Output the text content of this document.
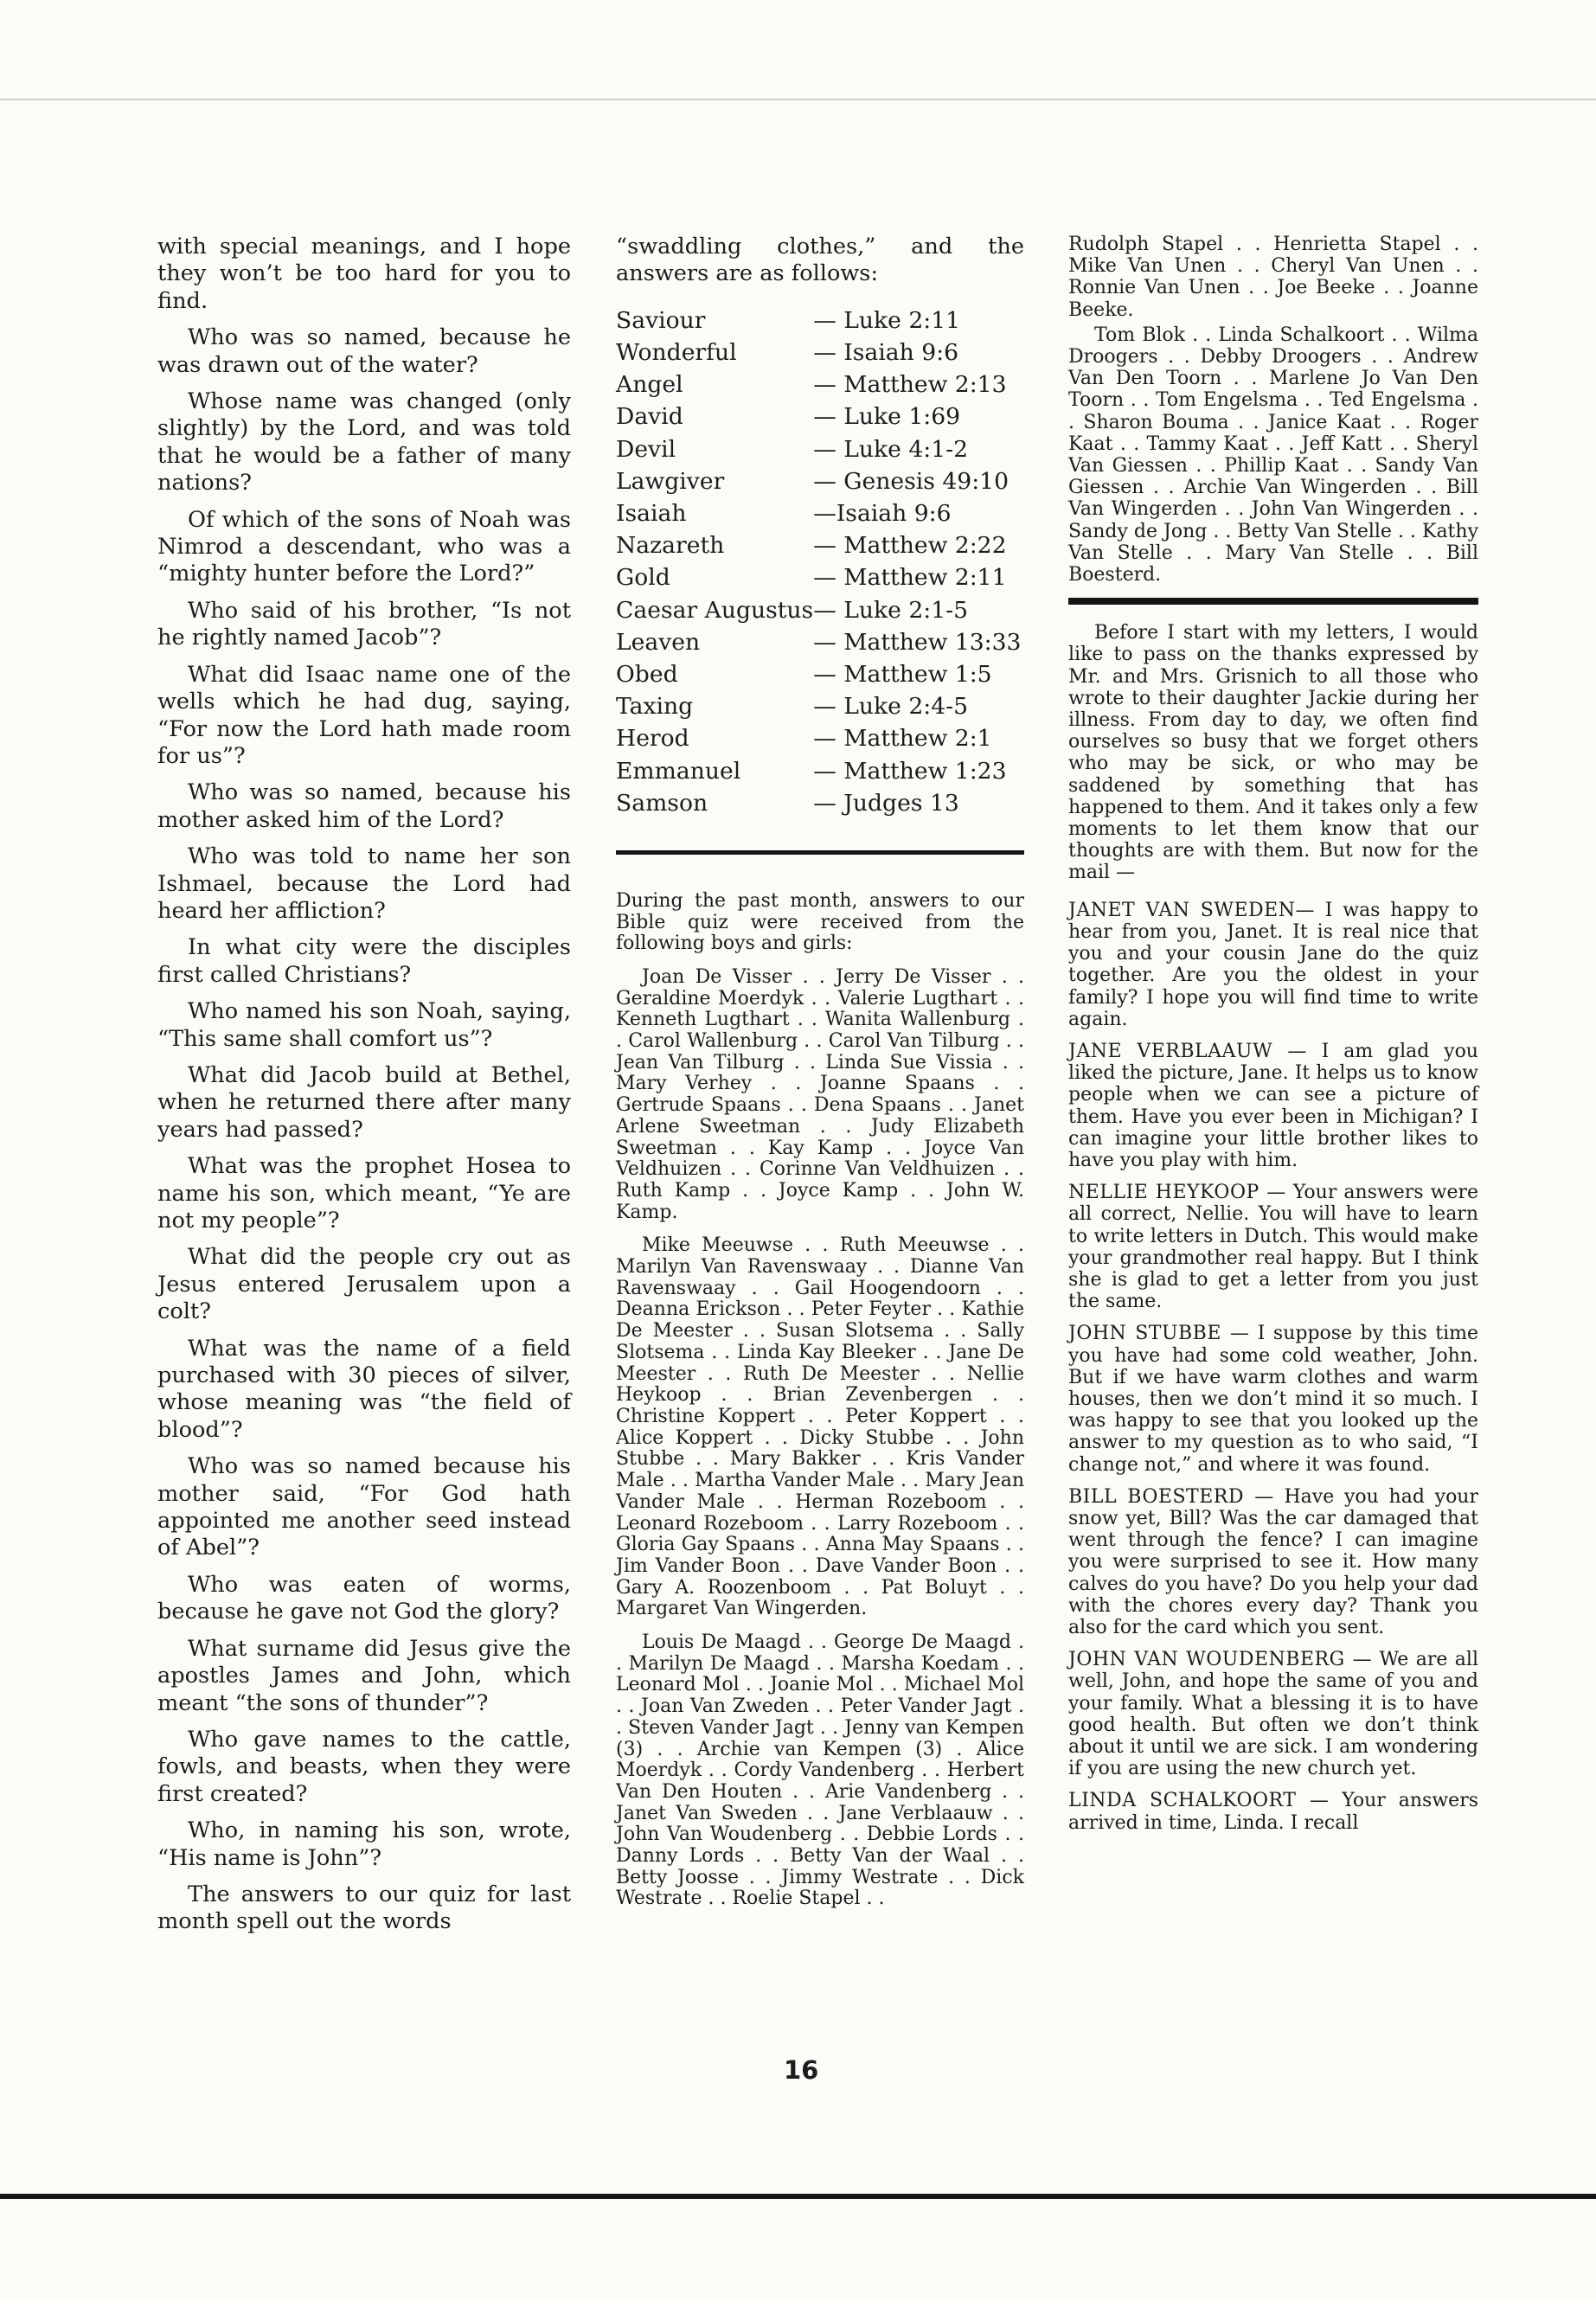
with special meanings, and I hope they won’t be too hard for you to find.

Who was so named, because he was drawn out of the water?

Whose name was changed (only slightly) by the Lord, and was told that he would be a father of many nations?

Of which of the sons of Noah was Nimrod a descendant, who was a “mighty hunter before the Lord?”

Who said of his brother, “Is not he rightly named Jacob”?

What did Isaac name one of the wells which he had dug, saying, “For now the Lord hath made room for us”?

Who was so named, because his mother asked him of the Lord?

Who was told to name her son Ishmael, because the Lord had heard her affliction?

In what city were the disciples first called Christians?

Who named his son Noah, saying, “This same shall comfort us”?

What did Jacob build at Bethel, when he returned there after many years had passed?

What was the prophet Hosea to name his son, which meant, “Ye are not my people”?

What did the people cry out as Jesus entered Jerusalem upon a colt?

What was the name of a field purchased with 30 pieces of silver, whose meaning was “the field of blood”?

Who was so named because his mother said, “For God hath appointed me another seed instead of Abel”?

Who was eaten of worms, because he gave not God the glory?

What surname did Jesus give the apostles James and John, which meant “the sons of thunder”?

Who gave names to the cattle, fowls, and beasts, when they were first created?

Who, in naming his son, wrote, “His name is John”?

The answers to our quiz for last month spell out the words

“swaddling clothes,” and the answers are as follows:

Saviour	— Luke 2:11
Wonderful	— Isaiah 9:6
Angel	— Matthew 2:13
David	— Luke 1:69
Devil	— Luke 4:1-2
Lawgiver	— Genesis 49:10
Isaiah	—Isaiah 9:6
Nazareth	— Matthew 2:22
Gold	— Matthew 2:11
Caesar Augustus	— Luke 2:1-5
Leaven	— Matthew 13:33
Obed	— Matthew 1:5
Taxing	— Luke 2:4-5
Herod	— Matthew 2:1
Emmanuel	— Matthew 1:23
Samson	— Judges 13

During the past month, answers to our Bible quiz were received from the following boys and girls:

Joan De Visser . . Jerry De Visser . . Geraldine Moerdyk . . Valerie Lugthart . . Kenneth Lugthart . . Wanita Wallenburg . . Carol Wallenburg . . Carol Van Tilburg . . Jean Van Tilburg . . Linda Sue Vissia . . Mary Verhey . . Joanne Spaans . . Gertrude Spaans . . Dena Spaans . . Janet Arlene Sweetman . . Judy Elizabeth Sweetman . . Kay Kamp . . Joyce Van Veldhuizen . . Corinne Van Veldhuizen . . Ruth Kamp . . Joyce Kamp . . John W. Kamp.

Mike Meeuwse . . Ruth Meeuwse . . Marilyn Van Ravenswaay . . Dianne Van Ravenswaay . . Gail Hoogendoorn . . Deanna Erickson . . Peter Feyter . . Kathie De Meester . . Susan Slotsema . . Sally Slotsema . . Linda Kay Bleeker . . Jane De Meester . . Ruth De Meester . . Nellie Heykoop . . Brian Zevenbergen . . Christine Koppert . . Peter Koppert . . Alice Koppert . . Dicky Stubbe . . John Stubbe . . Mary Bakker . . Kris Vander Male . . Martha Vander Male . . Mary Jean Vander Male . . Herman Rozeboom . . Leonard Rozeboom . . Larry Rozeboom . . Gloria Gay Spaans . . Anna May Spaans . . Jim Vander Boon . . Dave Vander Boon . . Gary A. Roozenboom . . Pat Boluyt . . Margaret Van Wingerden.

Louis De Maagd . . George De Maagd . . Marilyn De Maagd . . Marsha Koedam . . Leonard Mol . . Joanie Mol . . Michael Mol . . Joan Van Zweden . . Peter Vander Jagt . . Steven Vander Jagt . . Jenny van Kempen (3) . . Archie van Kempen (3) . Alice Moerdyk . . Cordy Vandenberg . . Herbert Van Den Houten . . Arie Vandenberg . . Janet Van Sweden . . Jane Verblaauw . . John Van Woudenberg . . Debbie Lords . . Danny Lords . . Betty Van der Waal . . Betty Joosse . . Jimmy Westrate . . Dick Westrate . . Roelie Stapel . .

Rudolph Stapel . . Henrietta Stapel . . Mike Van Unen . . Cheryl Van Unen . . Ronnie Van Unen . . Joe Beeke . . Joanne Beeke.

Tom Blok . . Linda Schalkoort . . Wilma Droogers . . Debby Droogers . . Andrew Van Den Toorn . . Marlene Jo Van Den Toorn . . Tom Engelsma . . Ted Engelsma . . Sharon Bouma . . Janice Kaat . . Roger Kaat . . Tammy Kaat . . Jeff Katt . . Sheryl Van Giessen . . Phillip Kaat . . Sandy Van Giessen . . Archie Van Wingerden . . Bill Van Wingerden . . John Van Wingerden . . Sandy de Jong . . Betty Van Stelle . . Kathy Van Stelle . . Mary Van Stelle . . Bill Boesterd.

Before I start with my letters, I would like to pass on the thanks expressed by Mr. and Mrs. Grisnich to all those who wrote to their daughter Jackie during her illness. From day to day, we often find ourselves so busy that we forget others who may be sick, or who may be saddened by something that has happened to them. And it takes only a few moments to let them know that our thoughts are with them. But now for the mail —

JANET VAN SWEDEN— I was happy to hear from you, Janet. It is real nice that you and your cousin Jane do the quiz together. Are you the oldest in your family? I hope you will find time to write again.

JANE VERBLAAUW — I am glad you liked the picture, Jane. It helps us to know people when we can see a picture of them. Have you ever been in Michigan? I can imagine your little brother likes to have you play with him.

NELLIE HEYKOOP — Your answers were all correct, Nellie. You will have to learn to write letters in Dutch. This would make your grandmother real happy. But I think she is glad to get a letter from you just the same.

JOHN STUBBE — I suppose by this time you have had some cold weather, John. But if we have warm clothes and warm houses, then we don’t mind it so much. I was happy to see that you looked up the answer to my question as to who said, “I change not,” and where it was found.

BILL BOESTERD — Have you had your snow yet, Bill? Was the car damaged that went through the fence? I can imagine you were surprised to see it. How many calves do you have? Do you help your dad with the chores every day? Thank you also for the card which you sent.

JOHN VAN WOUDENBERG — We are all well, John, and hope the same of you and your family. What a blessing it is to have good health. But often we don’t think about it until we are sick. I am wondering if you are using the new church yet.

LINDA SCHALKOORT — Your answers arrived in time, Linda. I recall

16
